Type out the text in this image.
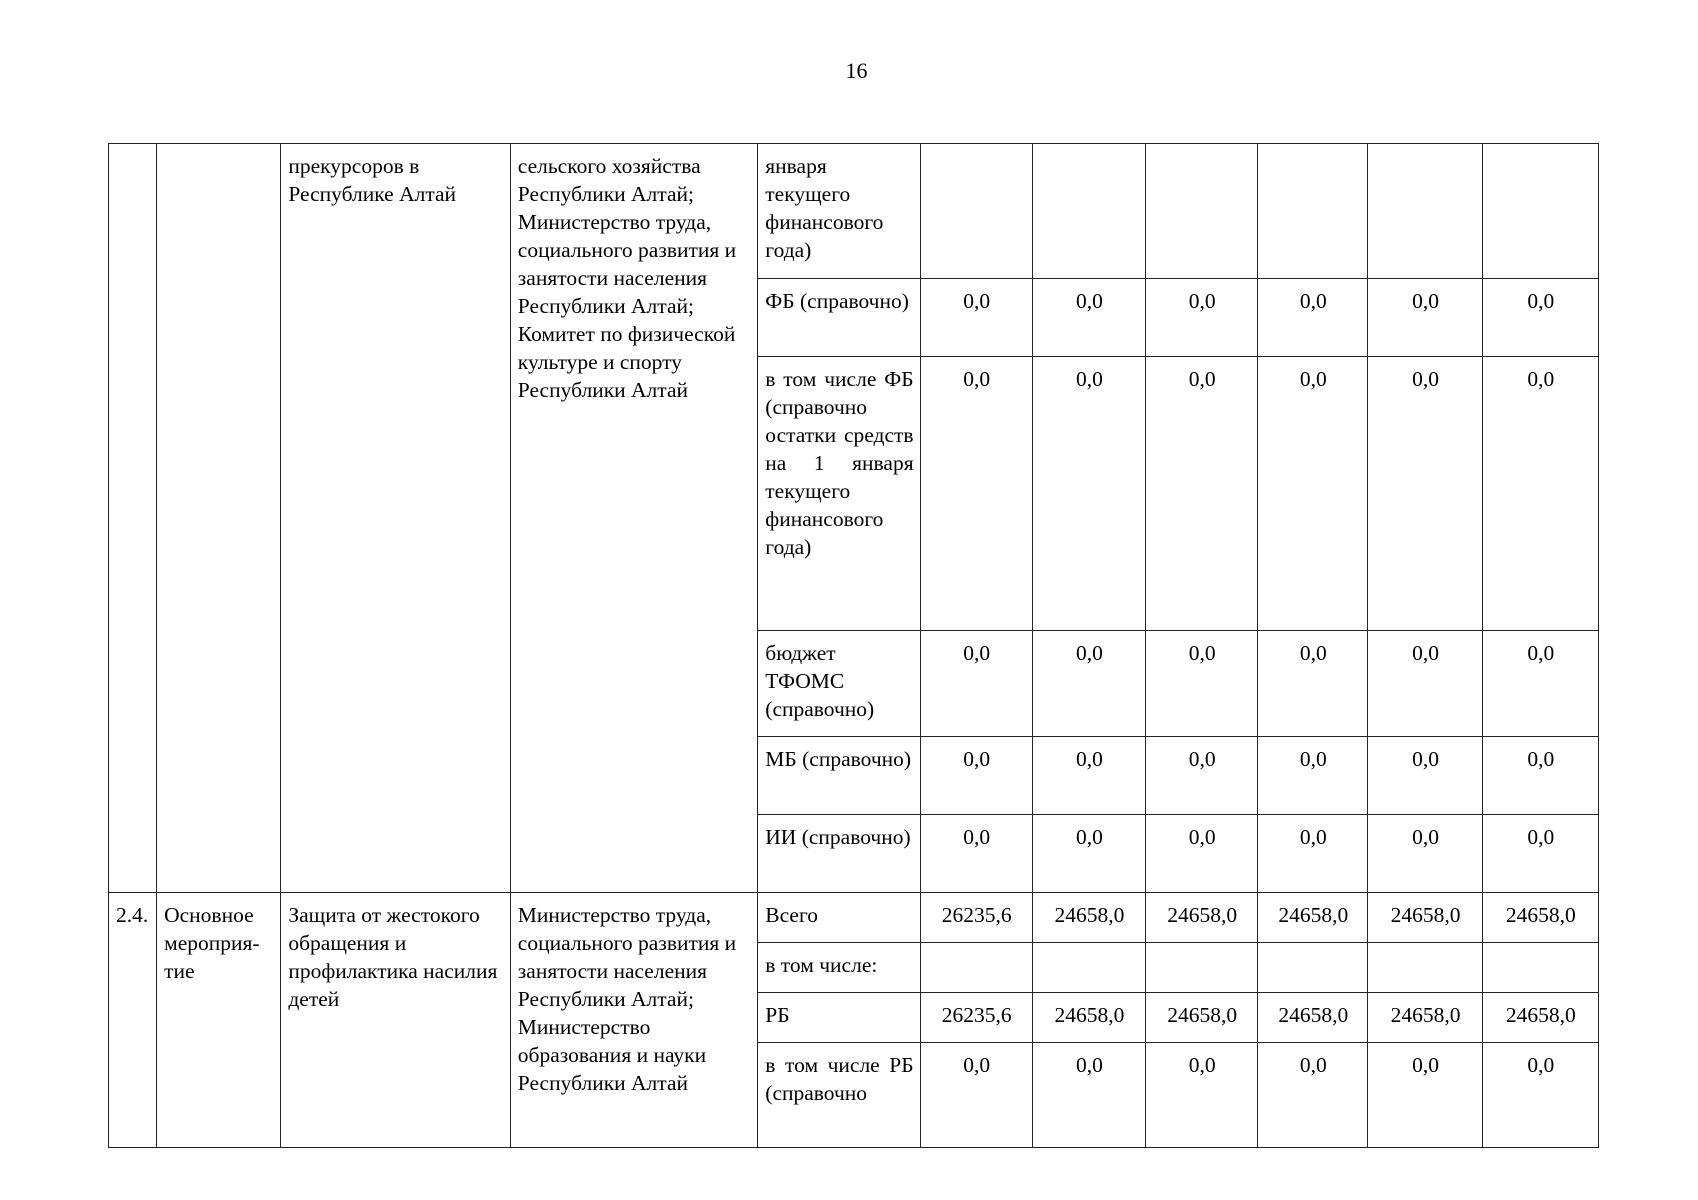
16
		прекурсоров в Республике Алтай	сельского хозяйства Республики Алтай; Министерство труда, социального развития и занятости населения Республики Алтай; Комитет по физической культуре и спорту Республики Алтай	января текущего финансового года)						
				ФБ (справочно)	0,0	0,0	0,0	0,0	0,0	0,0
				в том числе ФБ (справочно остатки средств на 1 января текущего финансового года)	0,0	0,0	0,0	0,0	0,0	0,0
				бюджет ТФОМС (справочно)	0,0	0,0	0,0	0,0	0,0	0,0
				МБ (справочно)	0,0	0,0	0,0	0,0	0,0	0,0
				ИИ (справочно)	0,0	0,0	0,0	0,0	0,0	0,0
2.4.	Основное мероприя-тие	Защита от жестокого обращения и профилактика насилия детей	Министерство труда, социального развития и занятости населения Республики Алтай; Министерство образования и науки Республики Алтай	Всего	26235,6	24658,0	24658,0	24658,0	24658,0	24658,0
				в том числе:						
				РБ	26235,6	24658,0	24658,0	24658,0	24658,0	24658,0
				в том числе РБ (справочно	0,0	0,0	0,0	0,0	0,0	0,0
